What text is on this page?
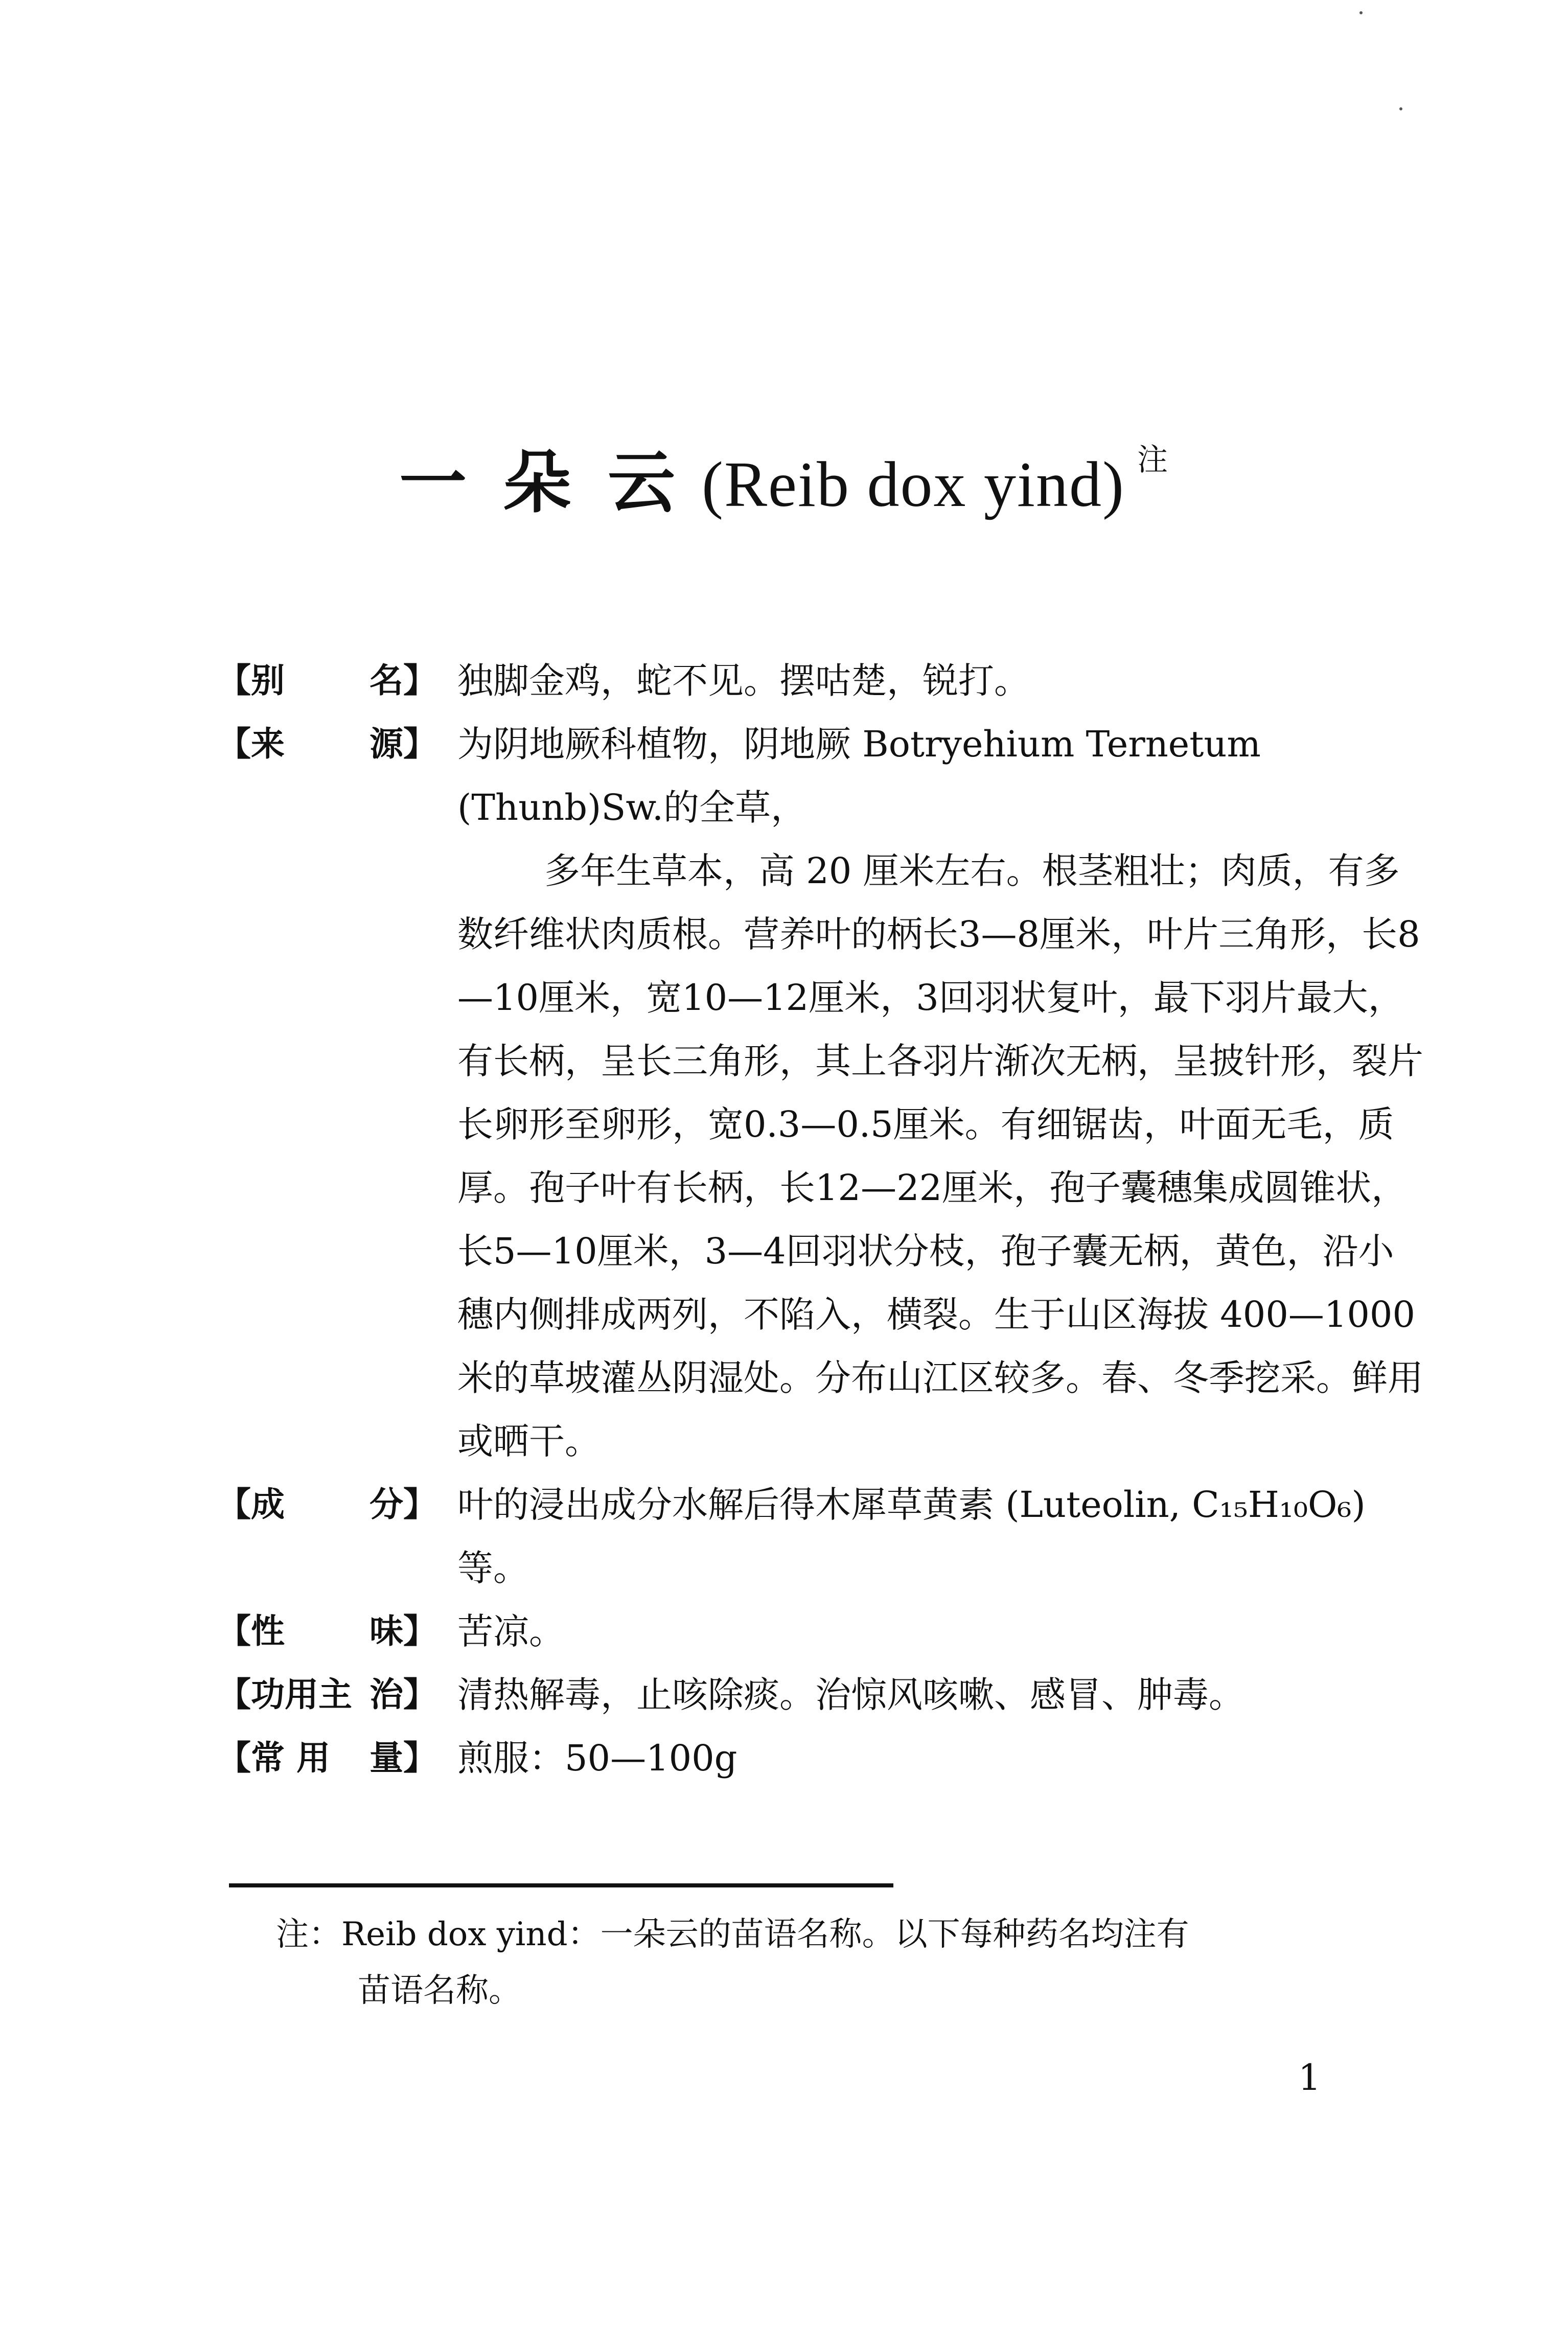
一朵云(Reib dox yind) $^注$
【别	名】 独脚金鸡，蛇不见。摆咕楚，锐打。

【来	源】 为阴地厥科植物，阴地厥 Botryehium Ternetum (Thunb)Sw.的全草，

多年生草本，高 20 厘米左右。根茎粗壮；肉质，有多数纤维状肉质根。营养叶的柄长3—8厘米，叶片三角形，长8—10厘米，宽10—12厘米，3回羽状复叶，最下羽片最大，有长柄，呈长三角形，其上各羽片渐次无柄，呈披针形，裂片长卵形至卵形，宽0.3—0.5厘米。有细锯齿，叶面无毛，质厚。孢子叶有长柄，长12—22厘米，孢子囊穗集成圆锥状，长5—10厘米，3—4回羽状分枝，孢子囊无柄，黄色，沿小穗内侧排成两列，不陷入，横裂。生于山区海拔 400—1000 米的草坡灌丛阴湿处。分布山江区较多。春、冬季挖采。鲜用或晒干。

【成	分】 叶的浸出成分水解后得木犀草黄素 (Luteolin, C₁₅H₁₀O₆)等。

【性	味】 苦凉。

【功用主 治】 清热解毒，止咳除痰。治惊风咳嗽、感冒、肿毒。

【常 用 量】 煎服：50—100g

注：Reib dox yind：一朵云的苗语名称。以下每种药名均注有
苗语名称。
1
